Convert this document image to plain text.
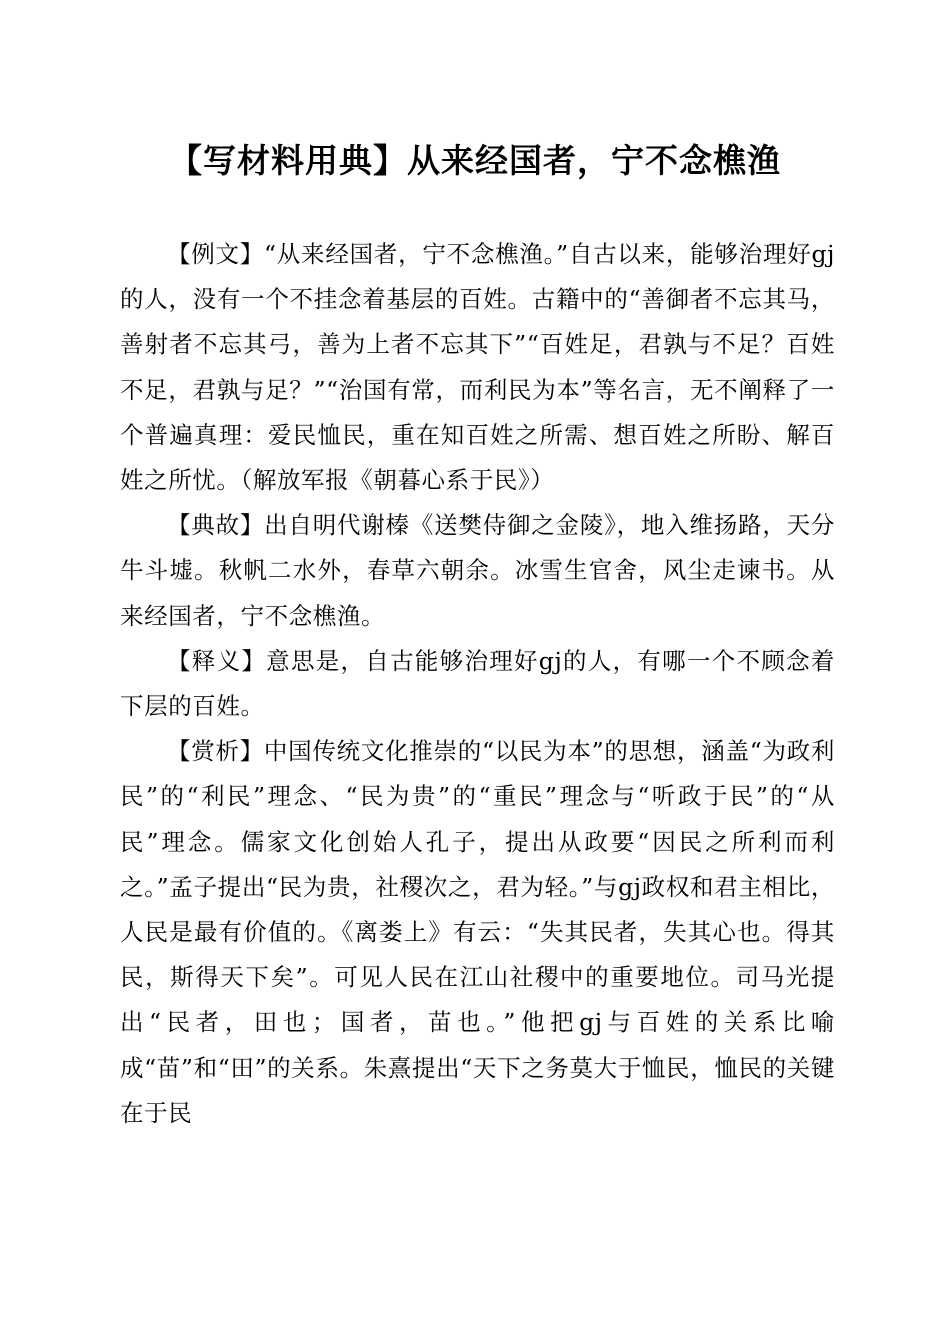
【写材料用典】从来经国者，宁不念樵渔

【例文】“从来经国者，宁不念樵渔。”自古以来，能够治理好gj的人，没有一个不挂念着基层的百姓。古籍中的“善御者不忘其马，善射者不忘其弓，善为上者不忘其下”“百姓足，君孰与不足？百姓不足，君孰与足？”“治国有常，而利民为本”等名言，无不阐释了一个普遍真理：爱民恤民，重在知百姓之所需、想百姓之所盼、解百姓之所忧。（解放军报《朝暮心系于民》）

【典故】出自明代谢榛《送樊侍御之金陵》，地入维扬路，天分牛斗墟。秋帆二水外，春草六朝余。冰雪生官舍，风尘走谏书。从来经国者，宁不念樵渔。

【释义】意思是，自古能够治理好gj的人，有哪一个不顾念着下层的百姓。

【赏析】中国传统文化推崇的“以民为本”的思想，涵盖“为政利民”的“利民”理念、“民为贵”的“重民”理念与“听政于民”的“从民”理念。儒家文化创始人孔子，提出从政要“因民之所利而利之。”孟子提出“民为贵，社稷次之，君为轻。”与gj政权和君主相比，人民是最有价值的。《离娄上》有云：“失其民者，失其心也。得其民，斯得天下矣”。可见人民在江山社稷中的重要地位。司马光提出“民者，田也；国者，苗也。”他把gj与百姓的关系比喻成“苗”和“田”的关系。朱熹提出“天下之务莫大于恤民，恤民的关键在于民
